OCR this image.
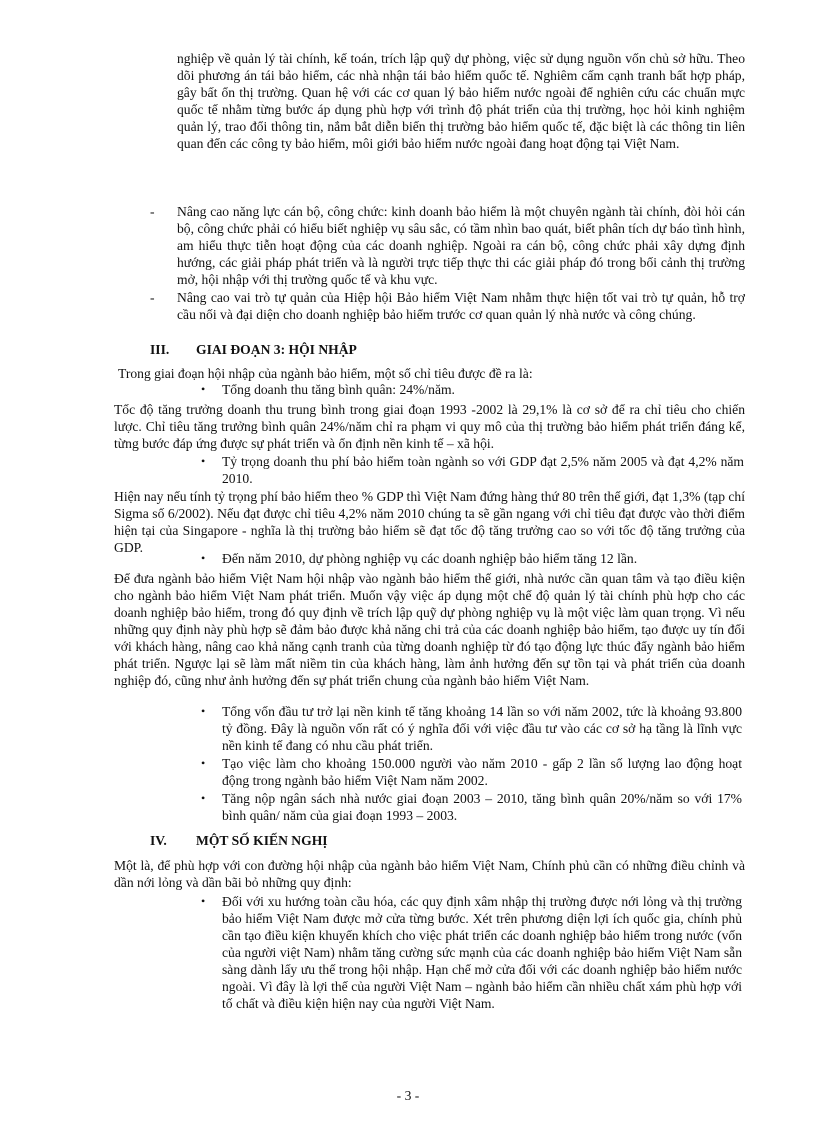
nghiệp về quản lý tài chính, kế toán, trích lập quỹ dự phòng, việc sử dụng nguồn vốn chủ sở hữu. Theo dõi phương án tái bảo hiểm, các nhà nhận tái bảo hiểm quốc tế. Nghiêm cấm cạnh tranh bất hợp pháp, gây bất ổn thị trường. Quan hệ với các cơ quan lý bảo hiểm nước ngoài để nghiên cứu các chuẩn mực quốc tế nhằm từng bước áp dụng phù hợp với trình độ phát triển của thị trường, học hỏi kinh nghiệm quản lý, trao đổi thông tin, nắm bắt diễn biến thị trường bảo hiểm quốc tế, đặc biệt là các thông tin liên quan đến các công ty bảo hiểm, môi giới bảo hiểm nước ngoài đang hoạt động tại Việt Nam.
- Nâng cao năng lực cán bộ, công chức: kinh doanh bảo hiểm là một chuyên ngành tài chính, đòi hỏi cán bộ, công chức phải có hiểu biết nghiệp vụ sâu sắc, có tầm nhìn bao quát, biết phân tích dự báo tình hình, am hiểu thực tiễn hoạt động của các doanh nghiệp. Ngoài ra cán bộ, công chức phải xây dựng định hướng, các giải pháp phát triển và là người trực tiếp thực thi các giải pháp đó trong bối cảnh thị trường mở, hội nhập với thị trường quốc tế và khu vực.
- Nâng cao vai trò tự quản của Hiệp hội Bảo hiểm Việt Nam nhằm thực hiện tốt vai trò tự quản, hỗ trợ cầu nối và đại diện cho doanh nghiệp bảo hiểm trước cơ quan quản lý nhà nước và công chúng.
III. GIAI ĐOẠN 3: HỘI NHẬP
Trong giai đoạn hội nhập của ngành bảo hiểm, một số chỉ tiêu được đề ra là:
• Tổng doanh thu tăng bình quân: 24%/năm.
Tốc độ tăng trưởng doanh thu trung bình trong giai đoạn 1993 -2002 là 29,1% là cơ sở để ra chỉ tiêu cho chiến lược. Chỉ tiêu tăng trưởng bình quân 24%/năm chỉ ra phạm vi quy mô của thị trường bảo hiểm phát triển đáng kể, từng bước đáp ứng được sự phát triển và ổn định nền kinh tế – xã hội.
• Tỷ trọng doanh thu phí bảo hiểm toàn ngành so với GDP đạt 2,5% năm 2005 và đạt 4,2% năm 2010.
Hiện nay nếu tính tỷ trọng phí bảo hiểm theo % GDP thì Việt Nam đứng hàng thứ 80 trên thế giới, đạt 1,3% (tạp chí Sigma số 6/2002). Nếu đạt được chỉ tiêu 4,2% năm 2010 chúng ta sẽ gần ngang với chỉ tiêu đạt được vào thời điểm hiện tại của Singapore - nghĩa là thị trường bảo hiểm sẽ đạt tốc độ tăng trưởng cao so với tốc độ tăng trưởng của GDP.
• Đến năm 2010, dự phòng nghiệp vụ các doanh nghiệp bảo hiểm tăng 12 lần.
Để đưa ngành bảo hiểm Việt Nam hội nhập vào ngành bảo hiểm thế giới, nhà nước cần quan tâm và tạo điều kiện cho ngành bảo hiểm Việt Nam phát triển. Muốn vậy việc áp dụng một chế độ quản lý tài chính phù hợp cho các doanh nghiệp bảo hiểm, trong đó quy định về trích lập quỹ dự phòng nghiệp vụ là một việc làm quan trọng. Vì nếu những quy định này phù hợp sẽ đảm bảo được khả năng chi trả của các doanh nghiệp bảo hiểm, tạo được uy tín đối với khách hàng, nâng cao khả năng cạnh tranh của từng doanh nghiệp từ đó tạo động lực thúc đẩy ngành bảo hiểm phát triển. Ngược lại sẽ làm mất niềm tin của khách hàng, làm ảnh hưởng đến sự tồn tại và phát triển của doanh nghiệp đó, cũng như ảnh hưởng đến sự phát triển chung của ngành bảo hiểm Việt Nam.
• Tổng vốn đầu tư trở lại nền kinh tế tăng khoảng 14 lần so với năm 2002, tức là khoảng 93.800 tỷ đồng. Đây là nguồn vốn rất có ý nghĩa đối với việc đầu tư vào các cơ sở hạ tầng là lĩnh vực nền kinh tế đang có nhu cầu phát triển.
• Tạo việc làm cho khoảng 150.000 người vào năm 2010 - gấp 2 lần số lượng lao động hoạt động trong ngành bảo hiểm Việt Nam năm 2002.
• Tăng nộp ngân sách nhà nước giai đoạn 2003 – 2010, tăng bình quân 20%/năm so với 17% bình quân/ năm của giai đoạn 1993 – 2003.
IV. MỘT SỐ KIẾN NGHỊ
Một là, để phù hợp với con đường hội nhập của ngành bảo hiểm Việt Nam, Chính phủ cần có những điều chỉnh và dần nới lỏng và dần bãi bỏ những quy định:
• Đối với xu hướng toàn cầu hóa, các quy định xâm nhập thị trường được nới lỏng và thị trường bảo hiểm Việt Nam được mở cửa từng bước. Xét trên phương diện lợi ích quốc gia, chính phủ cần tạo điều kiện khuyến khích cho việc phát triển các doanh nghiệp bảo hiểm trong nước (vốn của người việt Nam) nhằm tăng cường sức mạnh của các doanh nghiệp bảo hiểm Việt Nam sẵn sàng dành lấy ưu thế trong hội nhập. Hạn chế mở cửa đối với các doanh nghiệp bảo hiểm nước ngoài. Vì đây là lợi thế của người Việt Nam – ngành bảo hiểm cần nhiều chất xám phù hợp với tố chất và điều kiện hiện nay của người Việt Nam.
- 3 -
